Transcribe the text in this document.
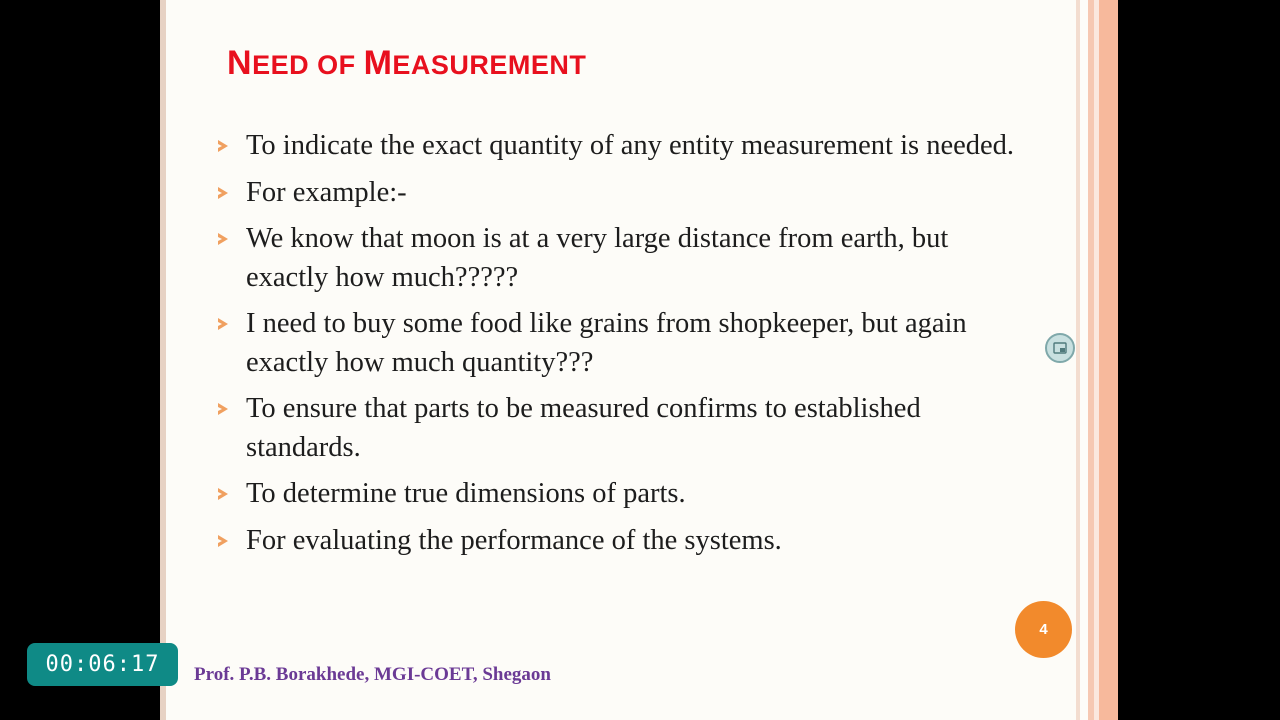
NEED OF MEASUREMENT
To indicate the exact quantity of any entity measurement is needed.
For example:-
We know that moon is at a very large distance from earth, but exactly how much?????
I need to buy some food like grains from shopkeeper, but again exactly how much quantity???
To ensure that parts to be measured confirms to established standards.
To determine true dimensions of parts.
For evaluating the performance of the systems.
Prof. P.B. Borakhede, MGI-COET, Shegaon
4
00:06:17
